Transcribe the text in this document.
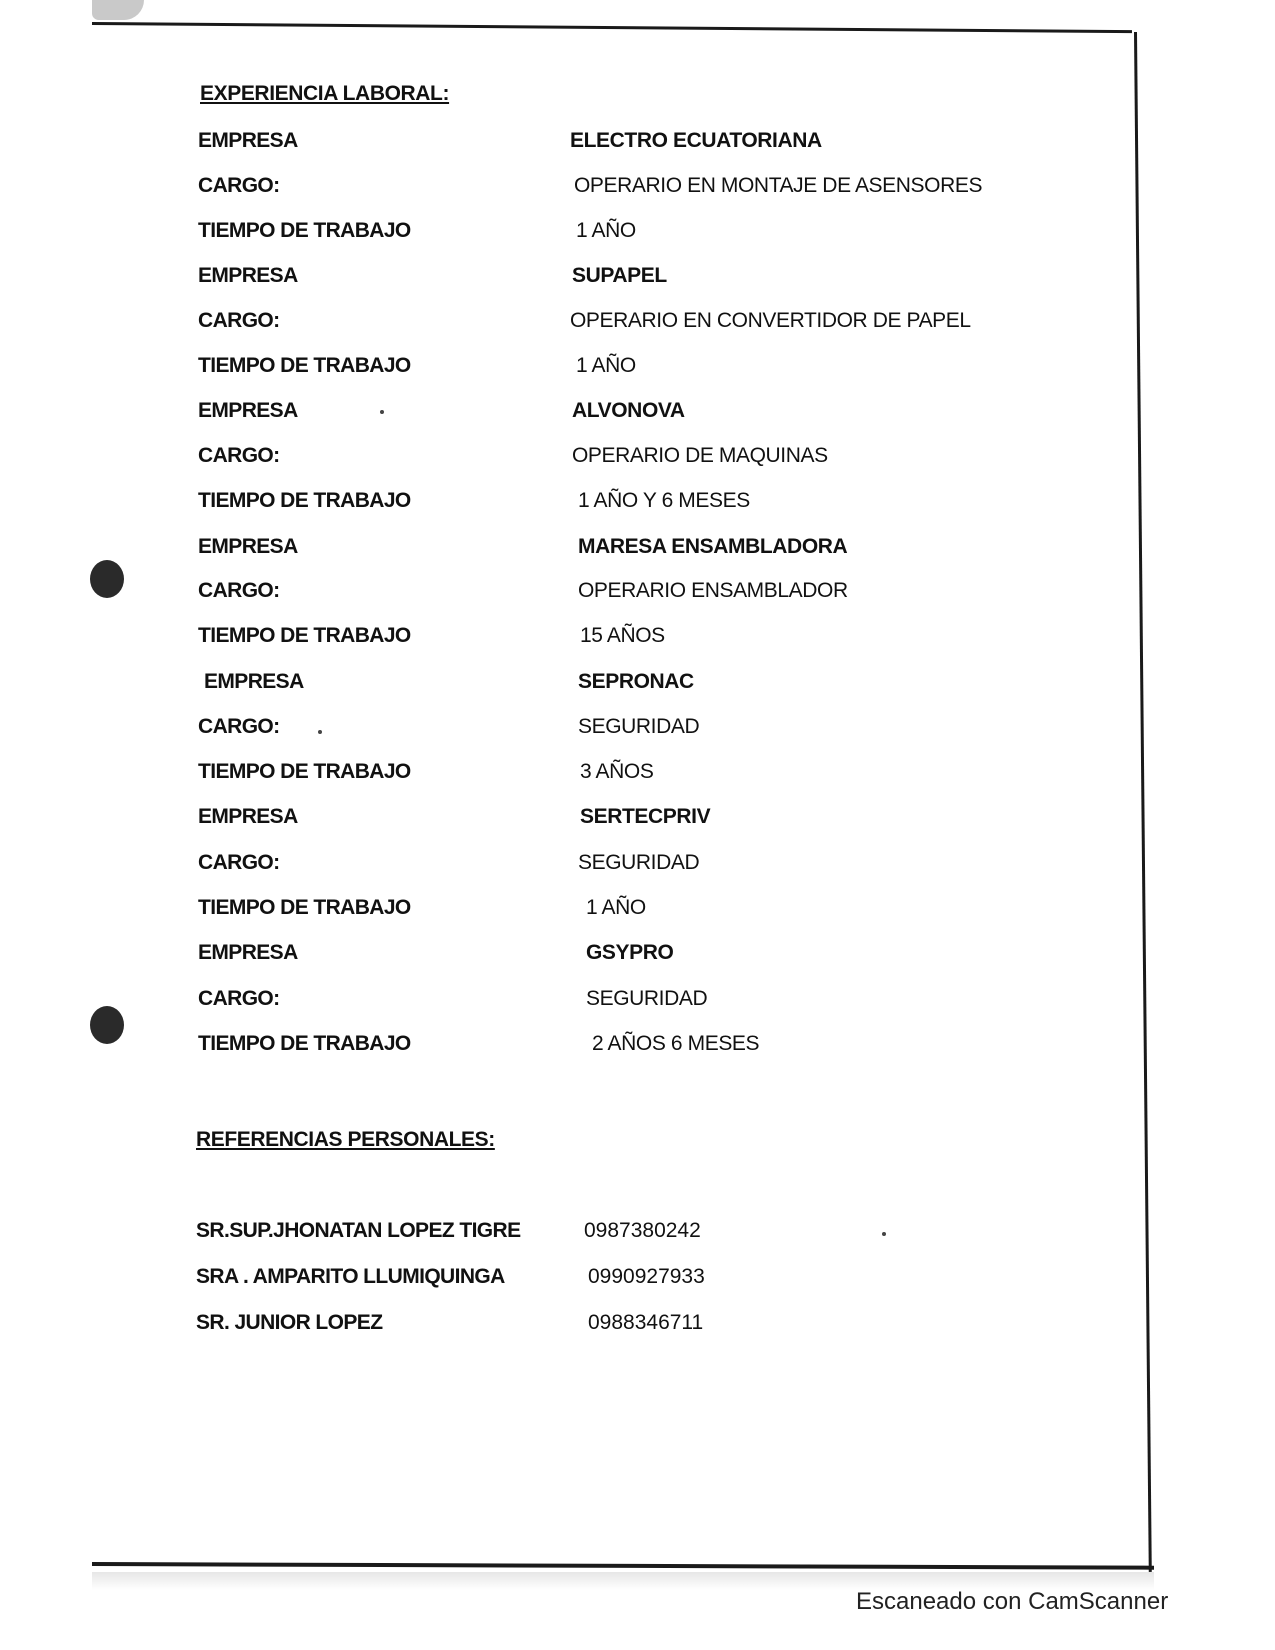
EXPERIENCIA LABORAL:
EMPRESA	ELECTRO ECUATORIANA
CARGO:	OPERARIO EN MONTAJE DE ASENSORES
TIEMPO DE TRABAJO	1 AÑO
EMPRESA	SUPAPEL
CARGO:	OPERARIO EN CONVERTIDOR DE PAPEL
TIEMPO DE TRABAJO	1 AÑO
EMPRESA	ALVONOVA
CARGO:	OPERARIO DE MAQUINAS
TIEMPO DE TRABAJO	1 AÑO Y 6 MESES
EMPRESA	MARESA ENSAMBLADORA
CARGO:	OPERARIO ENSAMBLADOR
TIEMPO DE TRABAJO	15 AÑOS
EMPRESA	SEPRONAC
CARGO:	SEGURIDAD
TIEMPO DE TRABAJO	3 AÑOS
EMPRESA	SERTECPRIV
CARGO:	SEGURIDAD
TIEMPO DE TRABAJO	1 AÑO
EMPRESA	GSYPRO
CARGO:	SEGURIDAD
TIEMPO DE TRABAJO	2 AÑOS 6 MESES
REFERENCIAS PERSONALES:
SR.SUP.JHONATAN LOPEZ TIGRE	0987380242
SRA . AMPARITO LLUMIQUINGA	0990927933
SR. JUNIOR LOPEZ	0988346711
Escaneado con CamScanner
